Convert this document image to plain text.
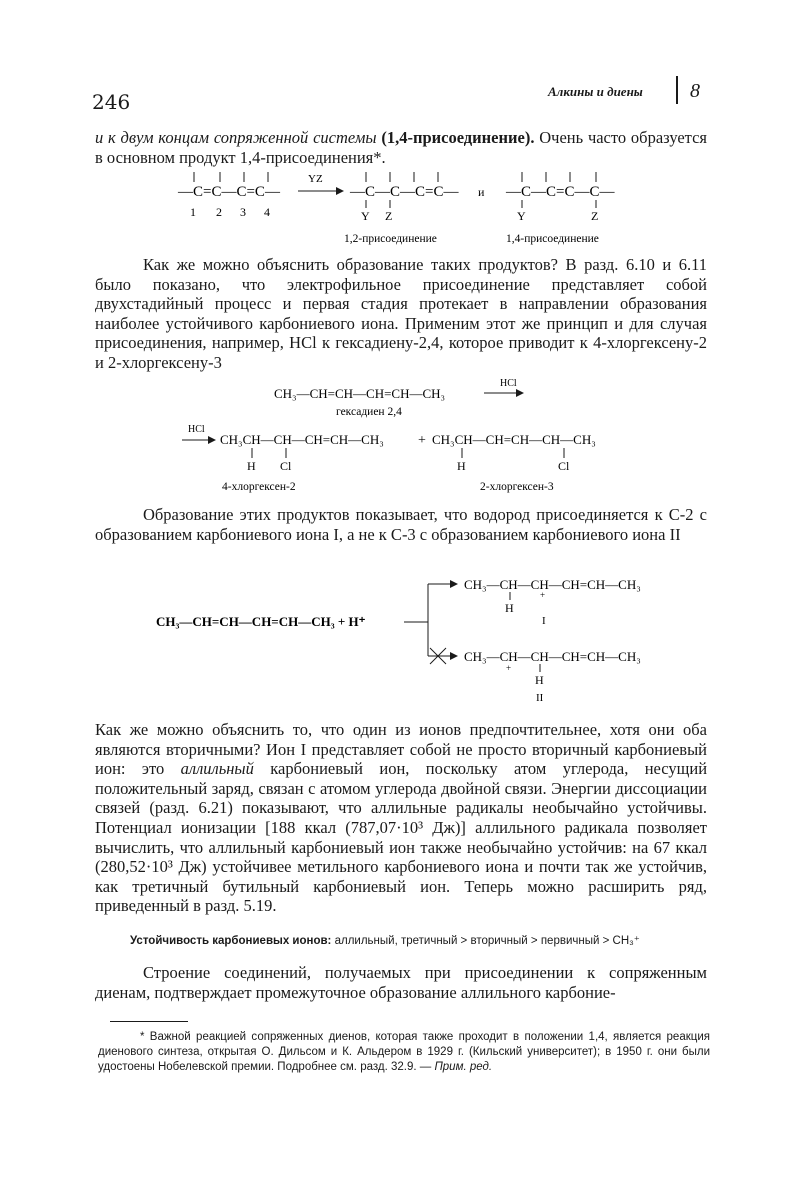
246	Алкины и диены 8
и к двум концам сопряженной системы (1,4-присоединение). Очень часто образуется в основном продукт 1,4-присоединения*.
—C=C—C=C—
1 2 3 4
YZ
—C—C—C=C—
Y Z
и —C—C=C—C—
Y	Z
1,2-присоединение	1,4-присоединение
Как же можно объяснить образование таких продуктов? В разд. 6.10 и 6.11 было показано, что электрофильное присоединение представляет собой двухстадийный процесс и первая стадия протекает в направлении образования наиболее устойчивого карбониевого иона. Применим этот же принцип и для случая присоединения, например, HCl к гексадиену-2,4, которое приводит к 4-хлоргексену-2 и 2-хлоргексену-3
CH₃—CH=CH—CH=CH—CH₃
HCl
гексадиен 2,4
HCl
CH₃CH—CH—CH=CH—CH₃ + CH₃CH—CH=CH—CH—CH₃
H Cl	H	Cl
4-хлоргексен-2	2-хлоргексен-3
Образование этих продуктов показывает, что водород присоединяется к С-2 с образованием карбониевого иона I, а не к С-3 с образованием карбониевого иона II
CH₃—CH=CH—CH=CH—CH₃ + H⁺
CH₃—CH—CH—CH=CH—CH₃
H
+
I
CH₃—CH—CH—CH=CH—CH₃
+
H
II
Как же можно объяснить то, что один из ионов предпочтительнее, хотя они оба являются вторичными? Ион I представляет собой не просто вторичный карбониевый ион: это аллильный карбониевый ион, поскольку атом углерода, несущий положительный заряд, связан с атомом углерода двойной связи. Энергии диссоциации связей (разд. 6.21) показывают, что аллильные радикалы необычайно устойчивы. Потенциал ионизации [188 ккал (787,07·10³ Дж)] аллильного радикала позволяет вычислить, что аллильный карбониевый ион также необычайно устойчив: на 67 ккал (280,52·10³ Дж) устойчивее метильного карбониевого иона и почти так же устойчив, как третичный бутильный карбониевый ион. Теперь можно расширить ряд, приведенный в разд. 5.19.
Устойчивость карбониевых ионов: аллильный, третичный > вторичный > первичный > CH₃⁺
Строение соединений, получаемых при присоединении к сопряженным диенам, подтверждает промежуточное образование аллильного карбоние-
* Важной реакцией сопряженных диенов, которая также проходит в положении 1,4, является реакция диенового синтеза, открытая О. Дильсом и К. Альдером в 1929 г. (Кильский университет); в 1950 г. они были удостоены Нобелевской премии. Подробнее см. разд. 32.9. — Прим. ред.
